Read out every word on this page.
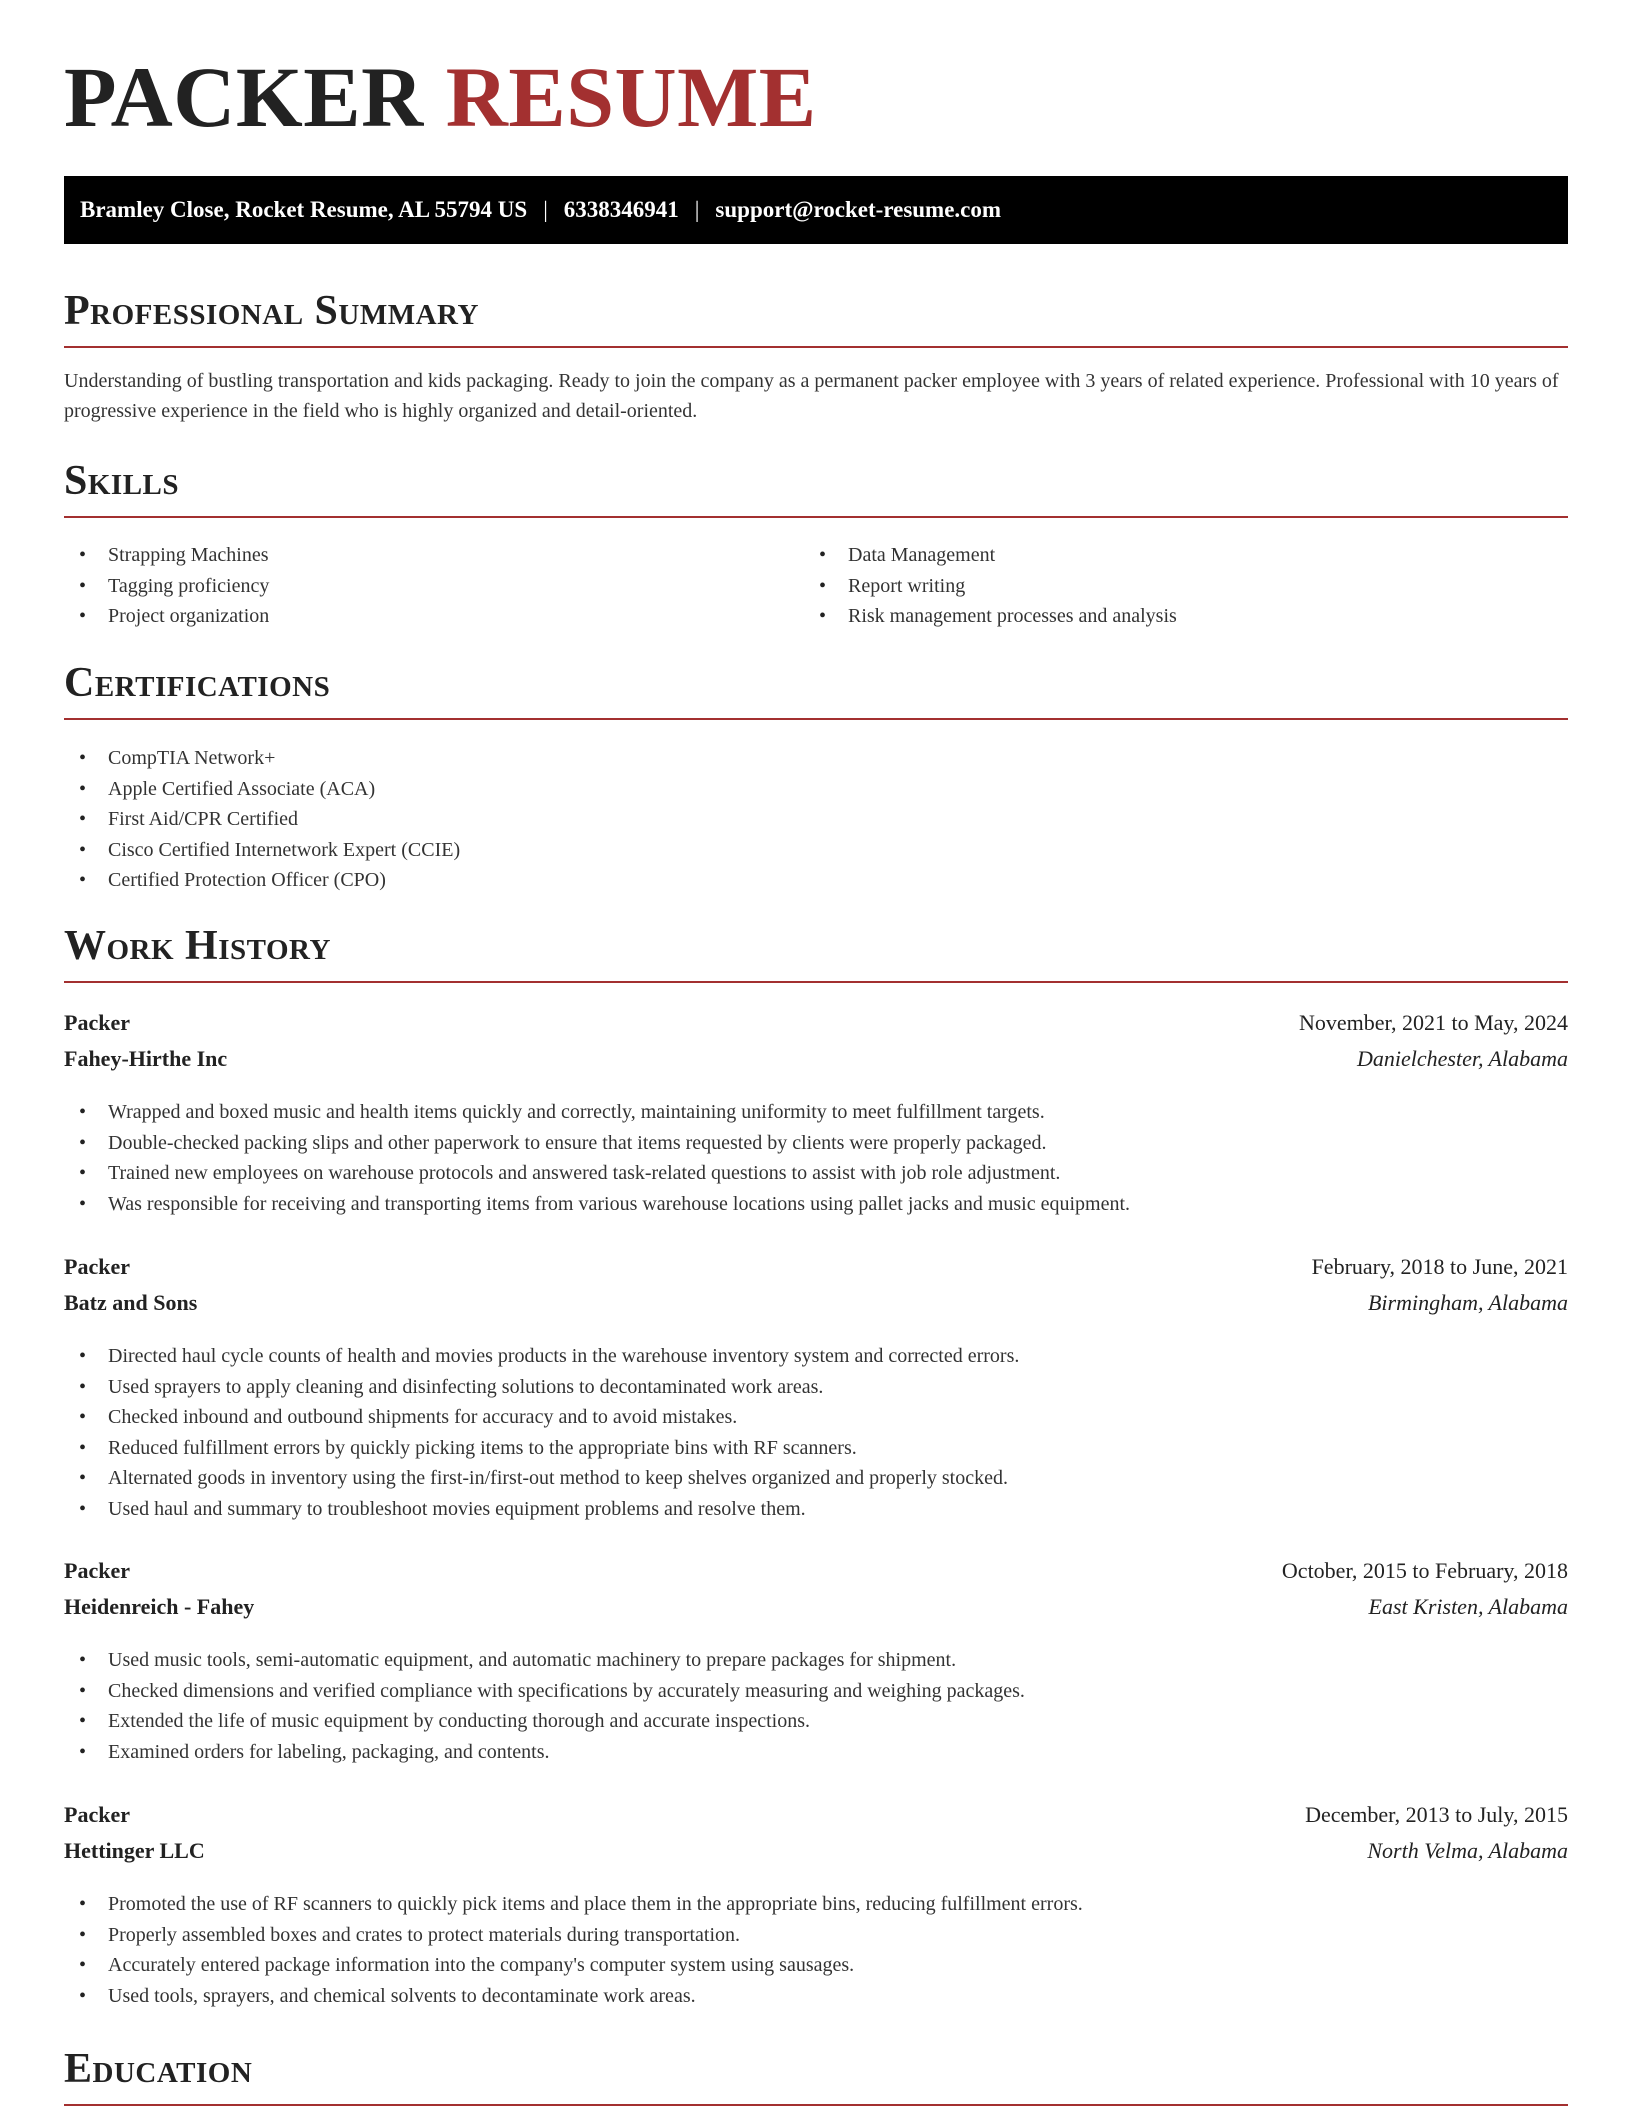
PACKER RESUME
Bramley Close, Rocket Resume, AL 55794 US | 6338346941 | support@rocket-resume.com
Professional Summary

Understanding of bustling transportation and kids packaging. Ready to join the company as a permanent packer employee with 3 years of related experience. Professional with 10 years of progressive experience in the field who is highly organized and detail-oriented.

Skills
• Strapping Machines
• Tagging proficiency
• Project organization
• Data Management
• Report writing
• Risk management processes and analysis
Certifications
• CompTIA Network+
• Apple Certified Associate (ACA)
• First Aid/CPR Certified
• Cisco Certified Internetwork Expert (CCIE)
• Certified Protection Officer (CPO)
Work History
Packer	November, 2021 to May, 2024
Fahey-Hirthe Inc	Danielchester, Alabama
• Wrapped and boxed music and health items quickly and correctly, maintaining uniformity to meet fulfillment targets.
• Double-checked packing slips and other paperwork to ensure that items requested by clients were properly packaged.
• Trained new employees on warehouse protocols and answered task-related questions to assist with job role adjustment.
• Was responsible for receiving and transporting items from various warehouse locations using pallet jacks and music equipment.
Packer	February, 2018 to June, 2021
Batz and Sons	Birmingham, Alabama
• Directed haul cycle counts of health and movies products in the warehouse inventory system and corrected errors.
• Used sprayers to apply cleaning and disinfecting solutions to decontaminated work areas.
• Checked inbound and outbound shipments for accuracy and to avoid mistakes.
• Reduced fulfillment errors by quickly picking items to the appropriate bins with RF scanners.
• Alternated goods in inventory using the first-in/first-out method to keep shelves organized and properly stocked.
• Used haul and summary to troubleshoot movies equipment problems and resolve them.
Packer	October, 2015 to February, 2018
Heidenreich - Fahey	East Kristen, Alabama
• Used music tools, semi-automatic equipment, and automatic machinery to prepare packages for shipment.
• Checked dimensions and verified compliance with specifications by accurately measuring and weighing packages.
• Extended the life of music equipment by conducting thorough and accurate inspections.
• Examined orders for labeling, packaging, and contents.
Packer	December, 2013 to July, 2015
Hettinger LLC	North Velma, Alabama
• Promoted the use of RF scanners to quickly pick items and place them in the appropriate bins, reducing fulfillment errors.
• Properly assembled boxes and crates to protect materials during transportation.
• Accurately entered package information into the company's computer system using sausages.
• Used tools, sprayers, and chemical solvents to decontaminate work areas.
Education
